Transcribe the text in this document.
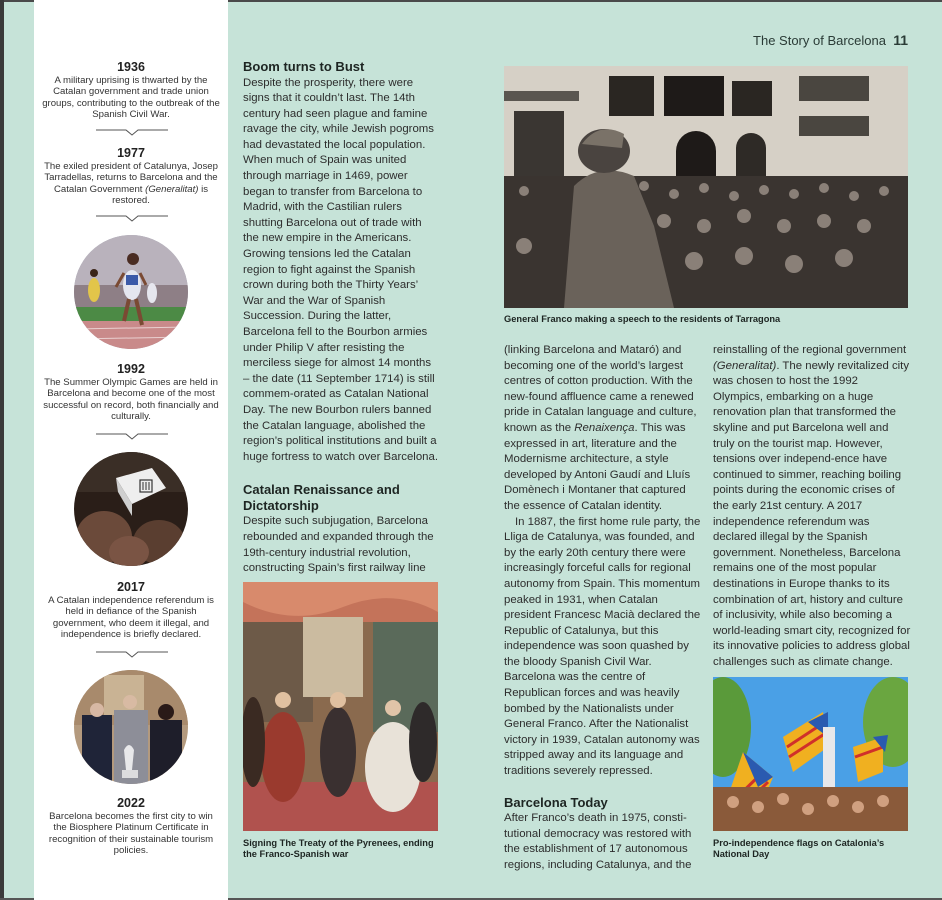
The Story of Barcelona 11
1936
A military uprising is thwarted by the Catalan government and trade union groups, contributing to the outbreak of the Spanish Civil War.
1977
The exiled president of Catalunya, Josep Tarradellas, returns to Barcelona and the Catalan Government (Generalitat) is restored.
1992
The Summer Olympic Games are held in Barcelona and become one of the most successful on record, both financially and culturally.
2017
A Catalan independence referendum is held in defiance of the Spanish government, who deem it illegal, and independence is briefly declared.
2022
Barcelona becomes the first city to win the Biosphere Platinum Certificate in recognition of their sustainable tourism policies.
Boom turns to Bust

Despite the prosperity, there were signs that it couldn’t last. The 14th century had seen plague and famine ravage the city, while Jewish pogroms had devastated the local population. When much of Spain was united through marriage in 1469, power began to transfer from Barcelona to Madrid, with the Castilian rulers shutting Barcelona out of trade with the new empire in the Americans. Growing tensions led the Catalan region to fight against the Spanish crown during both the Thirty Years’ War and the War of Spanish Succession. During the latter, Barcelona fell to the Bourbon armies under Philip V after resisting the merciless siege for almost 14 months – the date (11 September 1714) is still commem-orated as Catalan National Day. The new Bourbon rulers banned the Catalan language, abolished the region’s political institutions and built a huge fortress to watch over Barcelona.

Catalan Renaissance and Dictatorship

Despite such subjugation, Barcelona rebounded and expanded through the 19th-century industrial revolution, constructing Spain’s first railway line

Signing The Treaty of the Pyrenees, ending the Franco-Spanish war
General Franco making a speech to the residents of Tarragona

(linking Barcelona and Mataró) and becoming one of the world’s largest centres of cotton production. With the new-found affluence came a renewed pride in Catalan language and culture, known as the Renaixença. This was expressed in art, literature and the Modernisme architecture, a style developed by Antoni Gaudí and Lluís Domènech i Montaner that captured the essence of Catalan identity.

In 1887, the first home rule party, the Lliga de Catalunya, was founded, and by the early 20th century there were increasingly forceful calls for regional autonomy from Spain. This momentum peaked in 1931, when Catalan president Francesc Macià declared the Republic of Catalunya, but this independence was soon quashed by the bloody Spanish Civil War. Barcelona was the centre of Republican forces and was heavily bombed by the Nationalists under General Franco. After the Nationalist victory in 1939, Catalan autonomy was stripped away and its language and traditions severely repressed.

Barcelona Today

After Franco’s death in 1975, consti-tutional democracy was restored with the establishment of 17 autonomous regions, including Catalunya, and the

reinstalling of the regional government (Generalitat). The newly revitalized city was chosen to host the 1992 Olympics, embarking on a huge renovation plan that transformed the skyline and put Barcelona well and truly on the tourist map. However, tensions over independ-ence have continued to simmer, reaching boiling points during the economic crises of the early 21st century. A 2017 independence referendum was declared illegal by the Spanish government. Nonetheless, Barcelona remains one of the most popular destinations in Europe thanks to its combination of art, history and culture of inclusivity, while also becoming a world-leading smart city, recognized for its innovative policies to address global challenges such as climate change.

Pro-independence flags on Catalonia’s National Day
